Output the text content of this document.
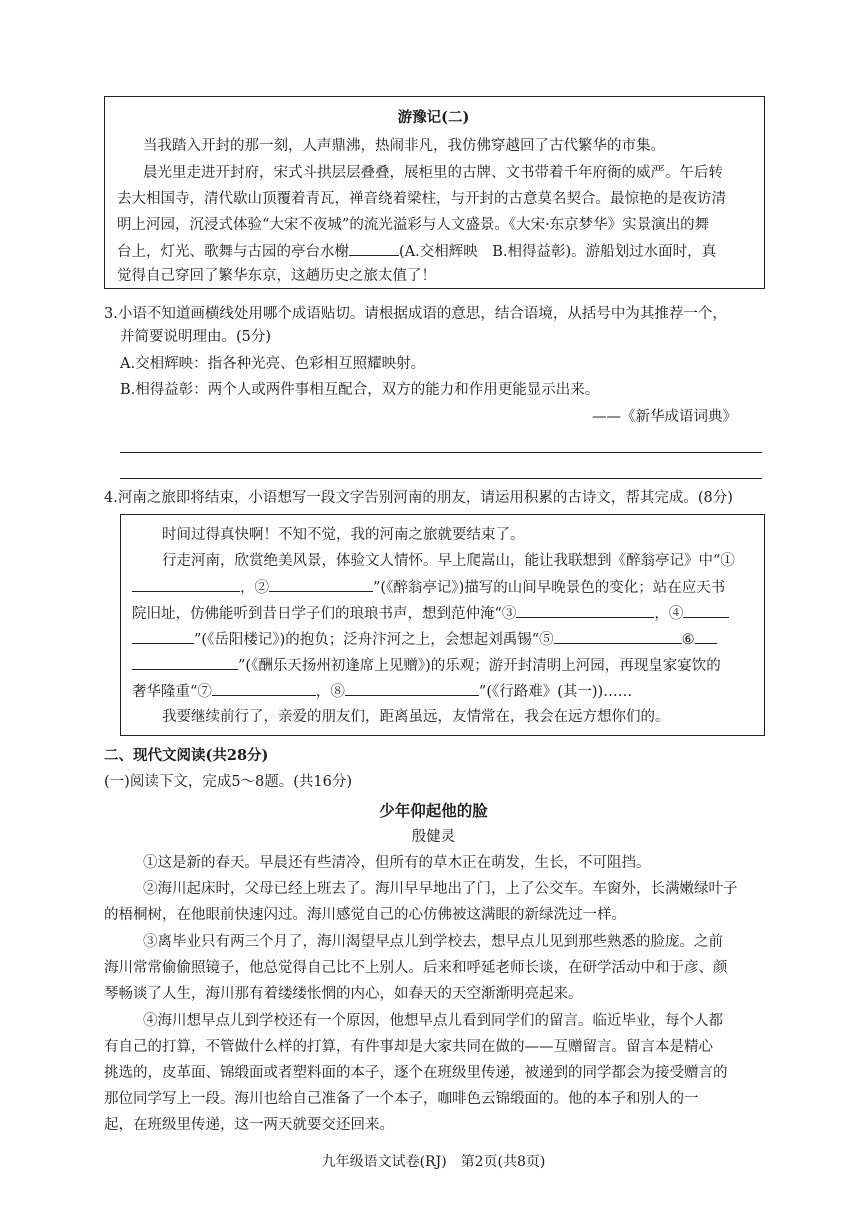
游豫记(二)
当我踏入开封的那一刻，人声鼎沸，热闹非凡，我仿佛穿越回了古代繁华的市集。
晨光里走进开封府，宋式斗拱层层叠叠，展柜里的古牌、文书带着千年府衙的威严。午后转
去大相国寺，清代歇山顶覆着青瓦，禅音绕着梁柱，与开封的古意莫名契合。最惊艳的是夜访清
明上河园，沉浸式体验“大宋不夜城”的流光溢彩与人文盛景。《大宋·东京梦华》实景演出的舞
台上，灯光、歌舞与古园的亭台水榭	(A.交相辉映　B.相得益彰)。游船划过水面时，真
觉得自己穿回了繁华东京，这趟历史之旅太值了！
3.小语不知道画横线处用哪个成语贴切。请根据成语的意思，结合语境，从括号中为其推荐一个，
并简要说明理由。(5分)
A.交相辉映：指各种光亮、色彩相互照耀映射。
B.相得益彰：两个人或两件事相互配合，双方的能力和作用更能显示出来。
——《新华成语词典》
4.河南之旅即将结束，小语想写一段文字告别河南的朋友，请运用积累的古诗文，帮其完成。(8分)
时间过得真快啊！不知不觉，我的河南之旅就要结束了。
行走河南，欣赏绝美风景，体验文人情怀。早上爬嵩山，能让我联想到《醉翁亭记》中“①
，②	”(《醉翁亭记》)描写的山间早晚景色的变化；站在应天书
院旧址，仿佛能听到昔日学子们的琅琅书声，想到范仲淹“③	，④
”(《岳阳楼记》)的抱负；泛舟汴河之上，会想起刘禹锡“⑤	⑥
”(《酬乐天扬州初逢席上见赠》)的乐观；游开封清明上河园，再现皇家宴饮的
奢华隆重“⑦	，⑧	”(《行路难》(其一))……
我要继续前行了，亲爱的朋友们，距离虽远，友情常在，我会在远方想你们的。
二、现代文阅读(共28分)
(一)阅读下文，完成5～8题。(共16分)
少年仰起他的脸
殷健灵
①这是新的春天。早晨还有些清冷，但所有的草木正在萌发，生长，不可阻挡。
②海川起床时，父母已经上班去了。海川早早地出了门，上了公交车。车窗外，长满嫩绿叶子
的梧桐树，在他眼前快速闪过。海川感觉自己的心仿佛被这满眼的新绿洗过一样。
③离毕业只有两三个月了，海川渴望早点儿到学校去，想早点儿见到那些熟悉的脸庞。之前
海川常常偷偷照镜子，他总觉得自己比不上别人。后来和呼延老师长谈，在研学活动中和于彦、颜
琴畅谈了人生，海川那有着缕缕怅惘的内心，如春天的天空渐渐明亮起来。
④海川想早点儿到学校还有一个原因，他想早点儿看到同学们的留言。临近毕业，每个人都
有自己的打算，不管做什么样的打算，有件事却是大家共同在做的——互赠留言。留言本是精心
挑选的，皮革面、锦缎面或者塑料面的本子，逐个在班级里传递，被递到的同学都会为接受赠言的
那位同学写上一段。海川也给自己准备了一个本子，咖啡色云锦缎面的。他的本子和别人的一
起，在班级里传递，这一两天就要交还回来。
九年级语文试卷(RJ)　第2页(共8页)
